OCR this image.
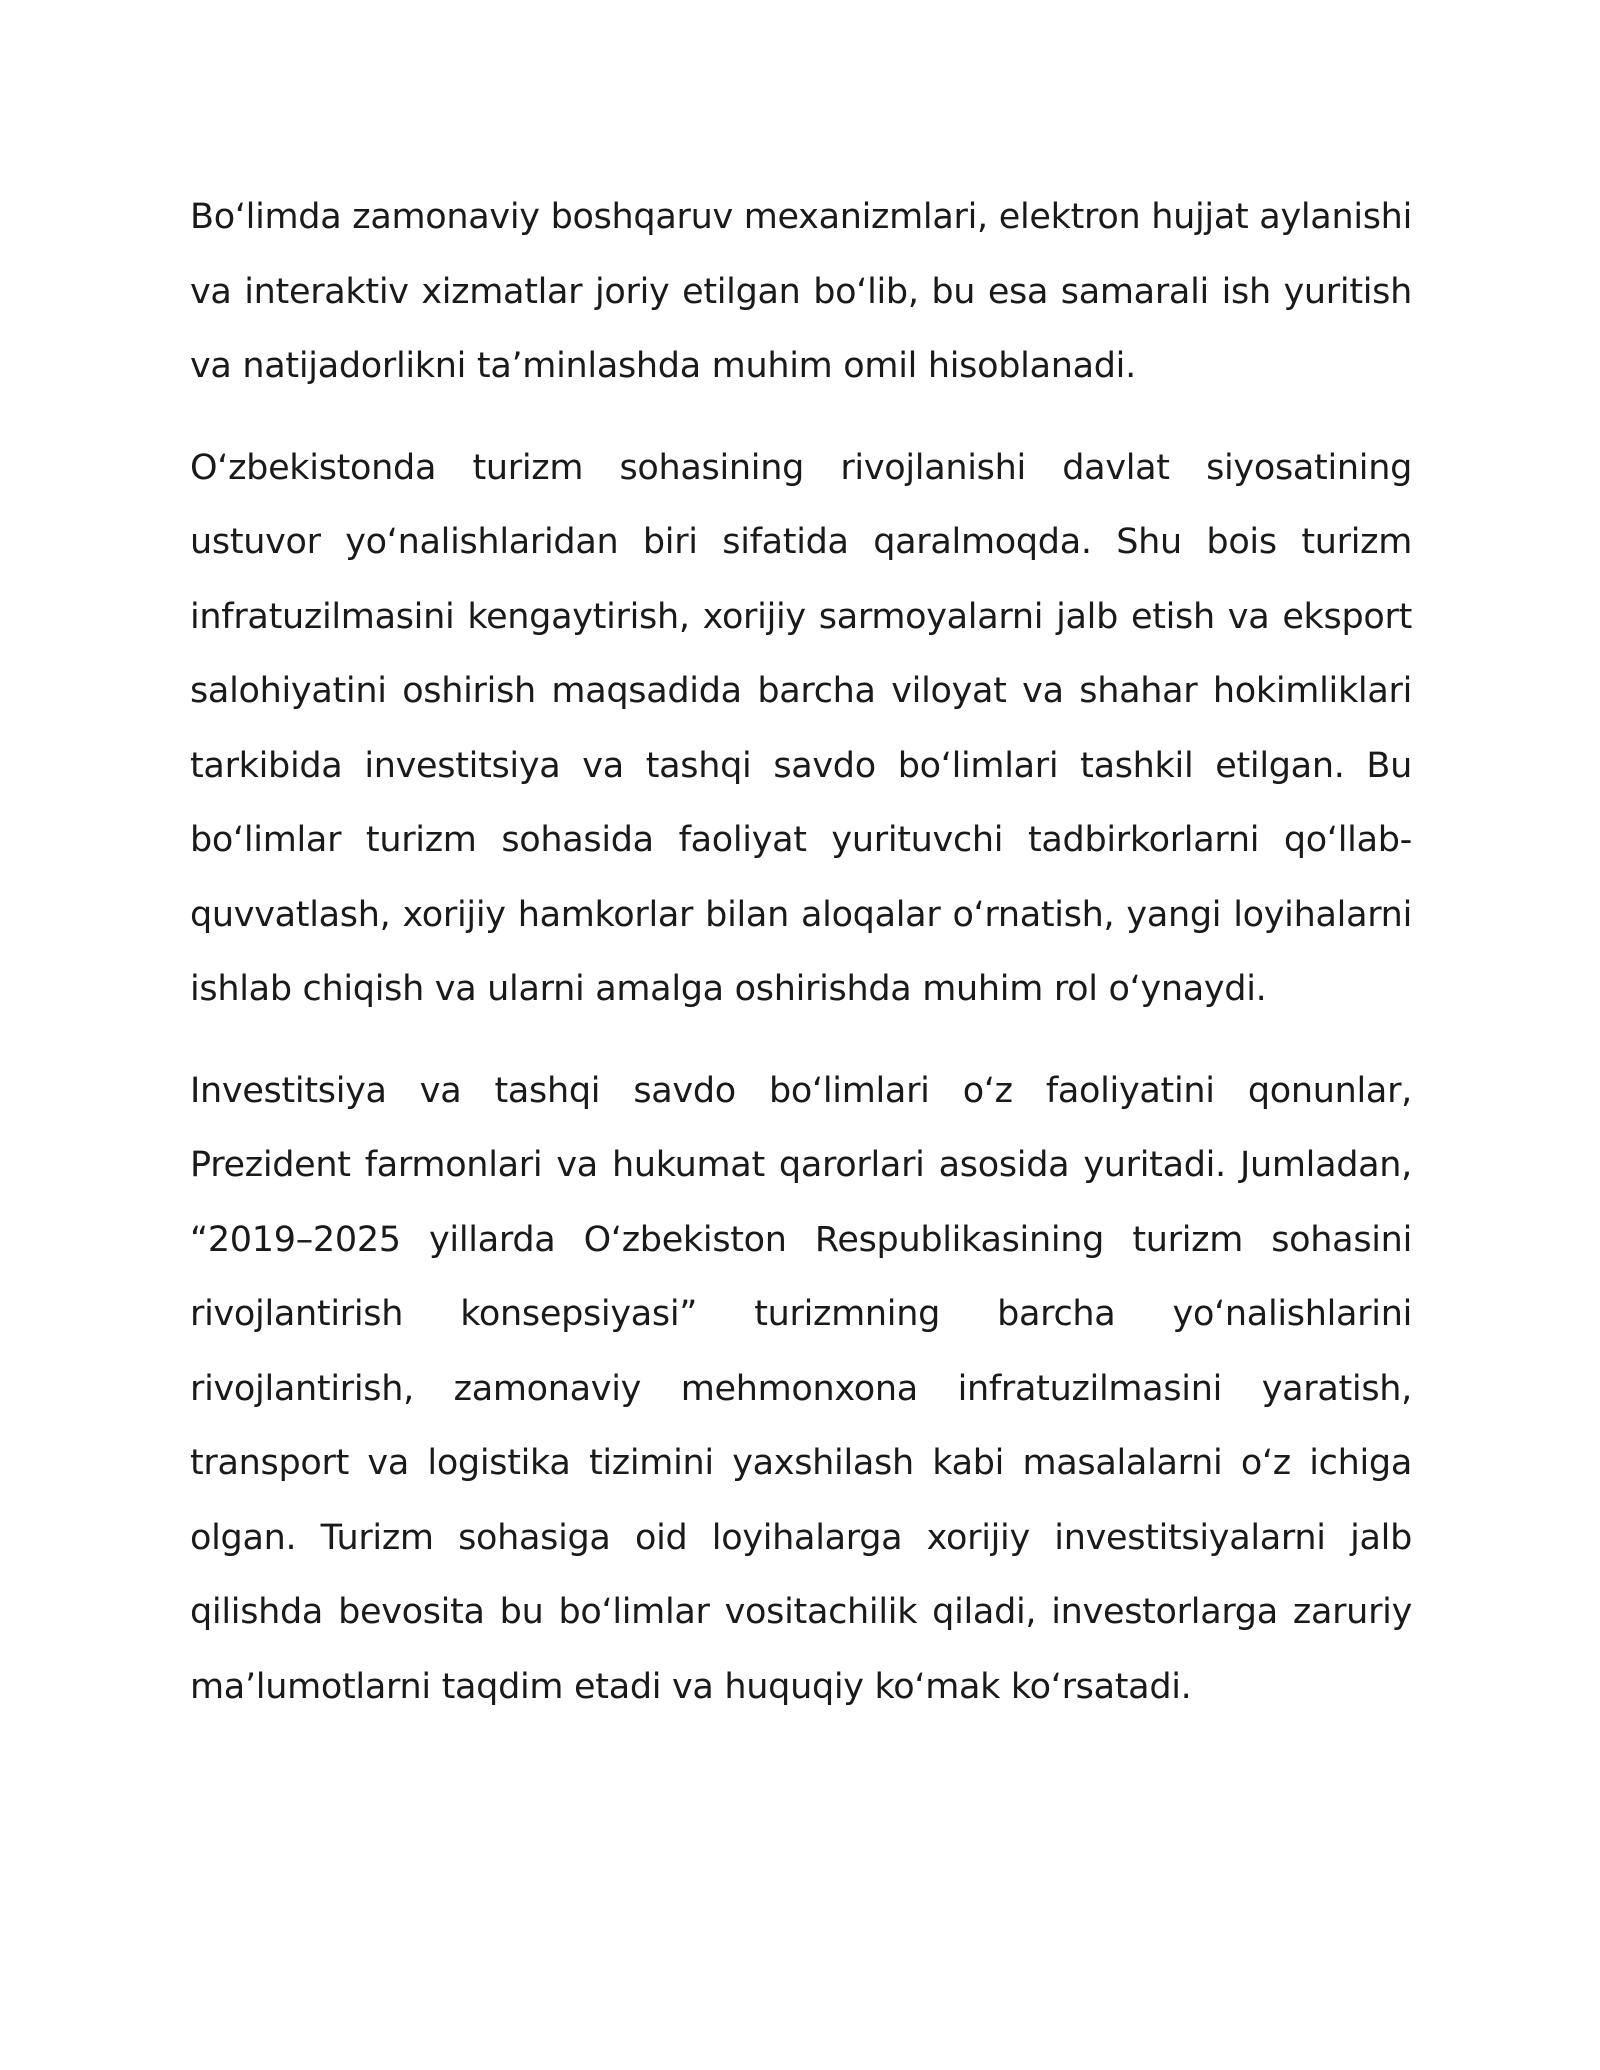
Bo‘limda zamonaviy boshqaruv mexanizmlari, elektron hujjat aylanishi va interaktiv xizmatlar joriy etilgan bo‘lib, bu esa samarali ish yuritish va natijadorlikni ta’minlashda muhim omil hisoblanadi.

O‘zbekistonda turizm sohasining rivojlanishi davlat siyosatining ustuvor yo‘nalishlaridan biri sifatida qaralmoqda. Shu bois turizm infratuzilmasini kengaytirish, xorijiy sarmoyalarni jalb etish va eksport salohiyatini oshirish maqsadida barcha viloyat va shahar hokimliklari tarkibida investitsiya va tashqi savdo bo‘limlari tashkil etilgan. Bu bo‘limlar turizm sohasida faoliyat yurituvchi tadbirkorlarni qo‘llab-quvvatlash, xorijiy hamkorlar bilan aloqalar o‘rnatish, yangi loyihalarni ishlab chiqish va ularni amalga oshirishda muhim rol o‘ynaydi.

Investitsiya va tashqi savdo bo‘limlari o‘z faoliyatini qonunlar, Prezident farmonlari va hukumat qarorlari asosida yuritadi. Jumladan, “2019–2025 yillarda O‘zbekiston Respublikasining turizm sohasini rivojlantirish konsepsiyasi” turizmning barcha yo‘nalishlarini rivojlantirish, zamonaviy mehmonxona infratuzilmasini yaratish, transport va logistika tizimini yaxshilash kabi masalalarni o‘z ichiga olgan. Turizm sohasiga oid loyihalarga xorijiy investitsiyalarni jalb qilishda bevosita bu bo‘limlar vositachilik qiladi, investorlarga zaruriy ma’lumotlarni taqdim etadi va huquqiy ko‘mak ko‘rsatadi.
